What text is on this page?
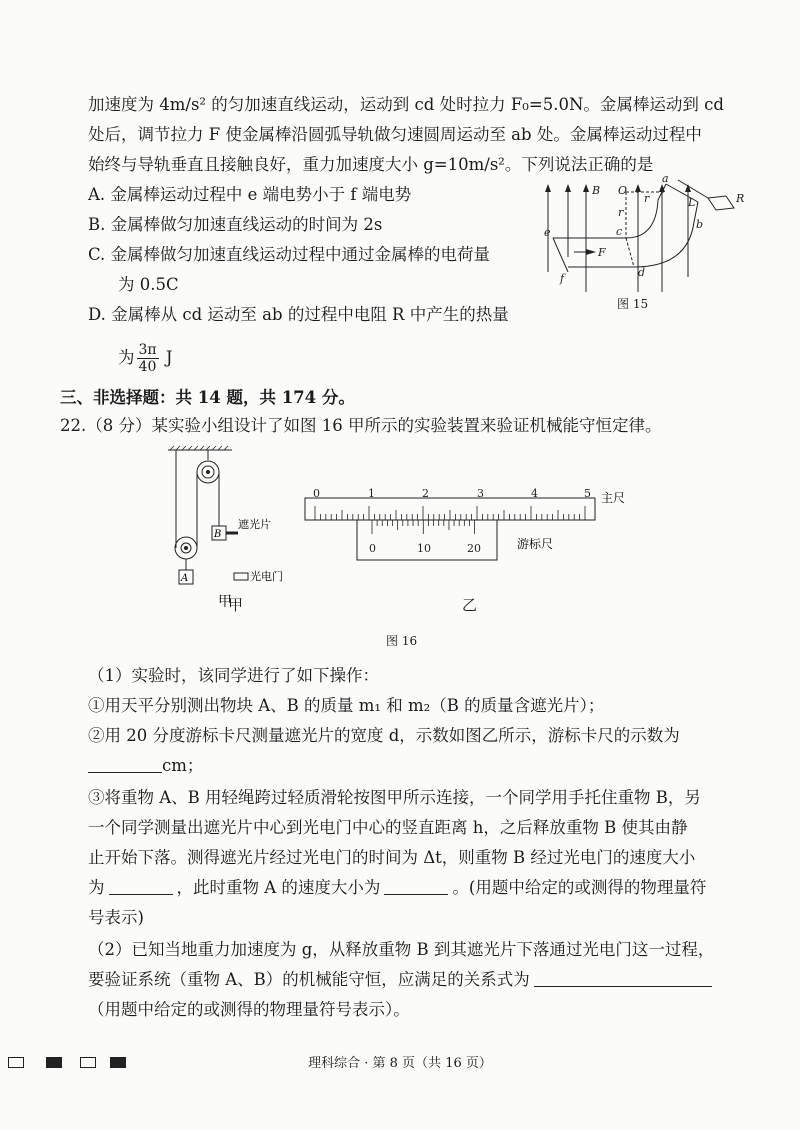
加速度为 4m/s² 的匀加速直线运动，运动到 cd 处时拉力 F₀=5.0N。金属棒运动到 cd
处后，调节拉力 F 使金属棒沿圆弧导轨做匀速圆周运动至 ab 处。金属棒运动过程中
始终与导轨垂直且接触良好，重力加速度大小 g=10m/s²。下列说法正确的是
A. 金属棒运动过程中 e 端电势小于 f 端电势
B. 金属棒做匀加速直线运动的时间为 2s
C. 金属棒做匀加速直线运动过程中通过金属棒的电荷量
为 0.5C
D. 金属棒从 cd 运动至 ab 的过程中电阻 R 中产生的热量
为 $\frac{3\pi}{40}$ J
B O
r
r
a
L	R
b
c
e
F
f	d
图 15
三、非选择题：共 14 题，共 174 分。
22.（8 分）某实验小组设计了如图 16 甲所示的实验装置来验证机械能守恒定律。
A
B
遮光片
光电门
甲
甲
0	1	2	3	4	5
0	10	20
主尺
游标尺
乙
图 16
（1）实验时，该同学进行了如下操作：
①用天平分别测出物块 A、B 的质量 m₁ 和 m₂（B 的质量含遮光片）；
②用 20 分度游标卡尺测量遮光片的宽度 d，示数如图乙所示，游标卡尺的示数为
cm；
③将重物 A、B 用轻绳跨过轻质滑轮按图甲所示连接，一个同学用手托住重物 B，另
一个同学测量出遮光片中心到光电门中心的竖直距离 h，之后释放重物 B 使其由静
止开始下落。测得遮光片经过光电门的时间为 Δt，则重物 B 经过光电门的速度大小
为	，此时重物 A 的速度大小为	。(用题中给定的或测得的物理量符
号表示)
（2）已知当地重力加速度为 g，从释放重物 B 到其遮光片下落通过光电门这一过程，
要验证系统（重物 A、B）的机械能守恒，应满足的关系式为
（用题中给定的或测得的物理量符号表示）。
理科综合 · 第 8 页（共 16 页）
